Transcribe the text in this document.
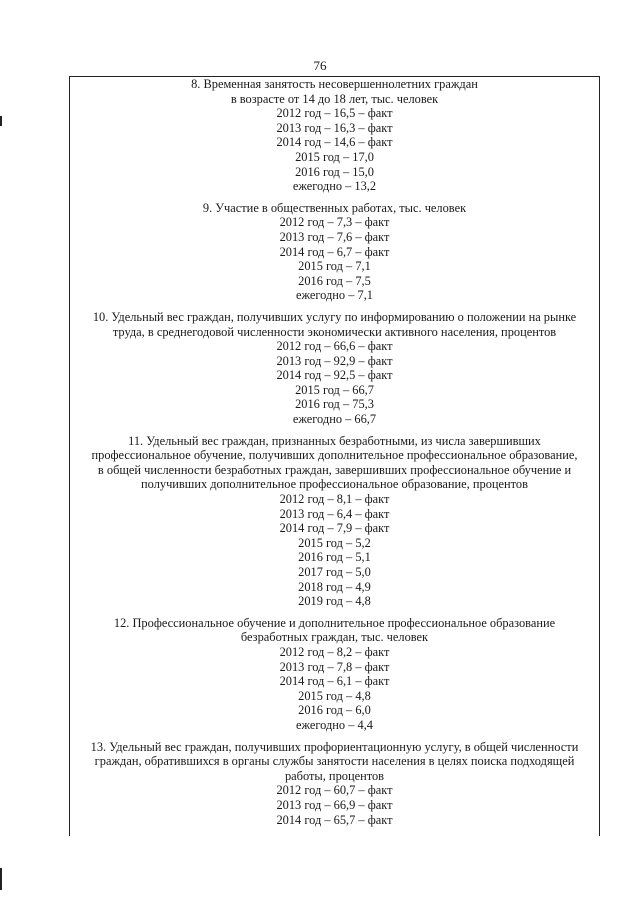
76
8. Временная занятость несовершеннолетних граждан
в возрасте от 14 до 18 лет, тыс. человек
2012 год – 16,5 – факт
2013 год – 16,3 – факт
2014 год – 14,6 – факт
2015 год – 17,0
2016 год – 15,0
ежегодно – 13,2
9. Участие в общественных работах, тыс. человек
2012 год – 7,3 – факт
2013 год – 7,6 – факт
2014 год – 6,7 – факт
2015 год – 7,1
2016 год – 7,5
ежегодно – 7,1
10. Удельный вес граждан, получивших услугу по информированию о положении на рынке
труда, в среднегодовой численности экономически активного населения, процентов
2012 год – 66,6 – факт
2013 год – 92,9 – факт
2014 год – 92,5 – факт
2015 год – 66,7
2016 год – 75,3
ежегодно – 66,7
11. Удельный вес граждан, признанных безработными, из числа завершивших
профессиональное обучение, получивших дополнительное профессиональное образование,
в общей численности безработных граждан, завершивших профессиональное обучение и
получивших дополнительное профессиональное образование, процентов
2012 год – 8,1 – факт
2013 год – 6,4 – факт
2014 год – 7,9 – факт
2015 год – 5,2
2016 год – 5,1
2017 год – 5,0
2018 год – 4,9
2019 год – 4,8
12. Профессиональное обучение и дополнительное профессиональное образование
безработных граждан, тыс. человек
2012 год – 8,2 – факт
2013 год – 7,8 – факт
2014 год – 6,1 – факт
2015 год – 4,8
2016 год – 6,0
ежегодно – 4,4
13. Удельный вес граждан, получивших профориентационную услугу, в общей численности
граждан, обратившихся в органы службы занятости населения в целях поиска подходящей
работы, процентов
2012 год – 60,7 – факт
2013 год – 66,9 – факт
2014 год – 65,7 – факт
